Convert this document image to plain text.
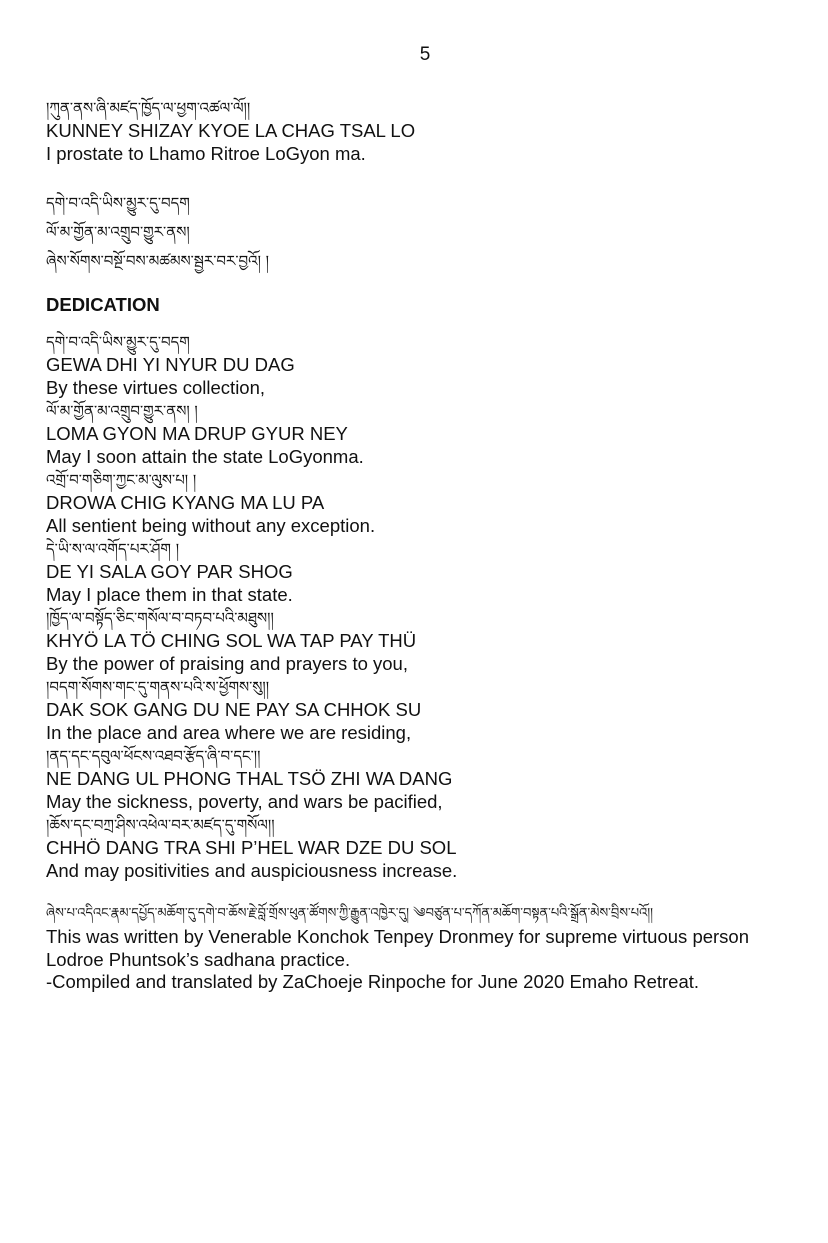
5
།ཀུན་ནས་ཞི་མཛད་ཁྱོད་ལ་ཕྱག་འཚལ་ལོ།།
KUNNEY SHIZAY KYOE LA CHAG TSAL LO
I prostate to Lhamo Ritroe LoGyon ma.
དགེ་བ་འདི་ཡིས་མྱུར་དུ་བདག
ལོ་མ་གྱོན་མ་འགྲུབ་གྱུར་ནས།
ཞེས་སོགས་བསྔོ་བས་མཚམས་སྦྱར་བར་བྱའོ། །
DEDICATION
དགེ་བ་འདི་ཡིས་མྱུར་དུ་བདག
GEWA DHI YI NYUR DU DAG
By these virtues collection,
ལོ་མ་གྱོན་མ་འགྲུབ་གྱུར་ནས། །
LOMA GYON MA DRUP GYUR NEY
May I soon attain the state LoGyonma.
འགྲོ་བ་གཅིག་ཀྱང་མ་ལུས་པ། །
DROWA CHIG KYANG MA LU PA
All sentient being without any exception.
དེ་ཡི་ས་ལ་འགོད་པར་ཤོག །
DE YI SALA GOY PAR SHOG
May I place them in that state.
།ཁྱོད་ལ་བསྟོད་ཅིང་གསོལ་བ་བཏབ་པའི་མཐུས།།
KHYÖ LA TÖ CHING SOL WA TAP PAY THÜ
By the power of praising and prayers to you,
།བདག་སོགས་གང་དུ་གནས་པའི་ས་ཕྱོགས་སུ།།
DAK SOK GANG DU NE PAY SA CHHOK SU
In the place and area where we are residing,
།ནད་དང་དབུལ་ཕོངས་འཐབ་རྩོད་ཞི་བ་དང་།།
NE DANG UL PHONG THAL TSÖ ZHI WA DANG
May the sickness, poverty, and wars be pacified,
།ཆོས་དང་བཀྲ་ཤིས་འཕེལ་བར་མཛད་དུ་གསོལ།།
CHHÖ DANG TRA SHI P’HEL WAR DZE DU SOL
And may positivities and auspiciousness increase.
ཞེས་པ་འདིའང་རྣམ་དཔྱོད་མཆོག་དུ་དགེ་བ་ཆོས་རྗེ་བློ་གྲོས་ཕུན་ཚོགས་ཀྱི་རྒྱུན་འཁྱེར་དུ། ༄བཙུན་པ་དཀོན་མཆོག་བསྟན་པའི་སྒྲོན་མེས་བྲིས་པའོ།།
This was written by Venerable Konchok Tenpey Dronmey for supreme virtuous person
Lodroe Phuntsok’s sadhana practice.
-Compiled and translated by ZaChoeje Rinpoche for June 2020 Emaho Retreat.
